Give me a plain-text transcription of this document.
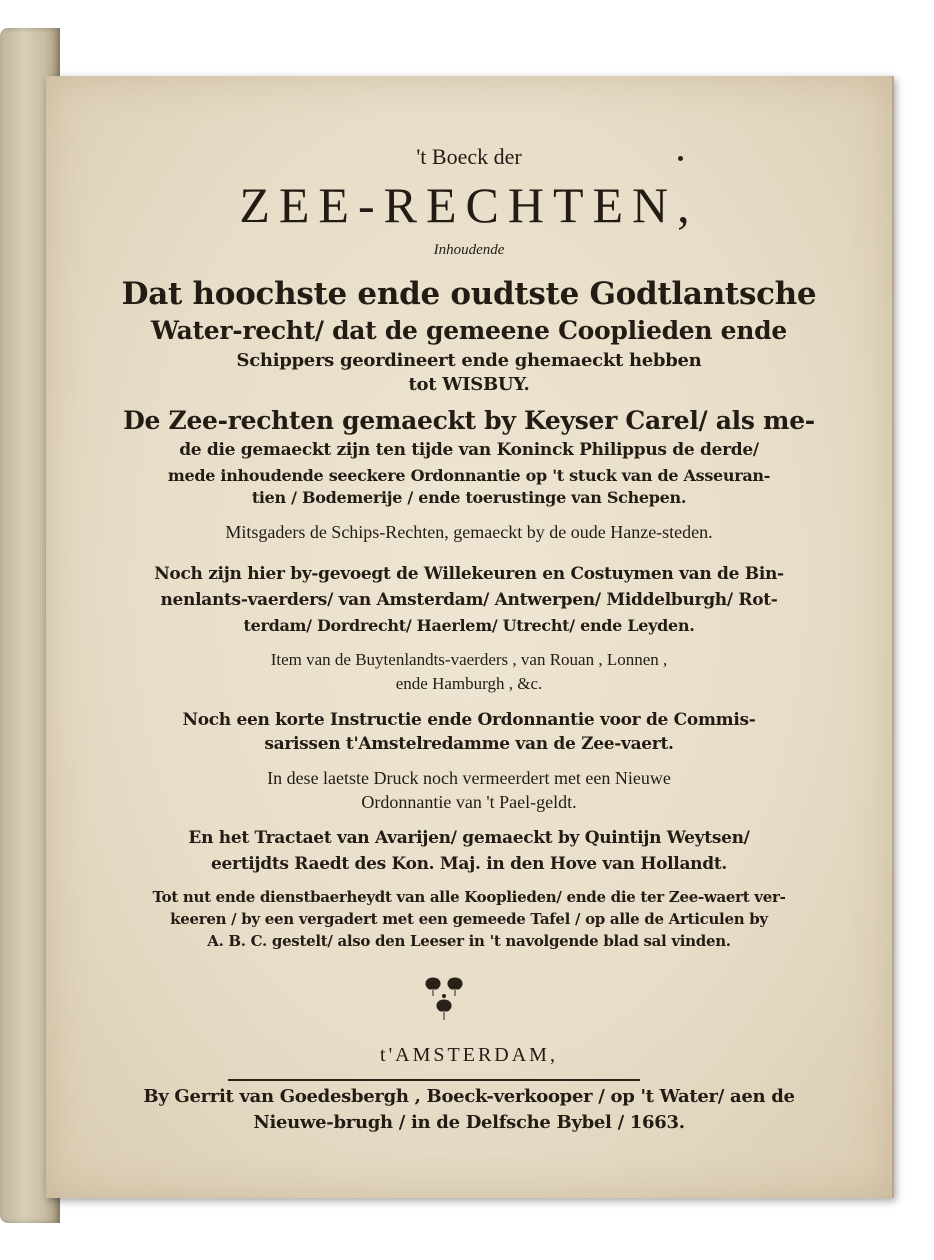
't Boeck der
ZEE-RECHTEN,
Inhoudende
Dat hoochste ende oudtste Godtlantsche
Water-recht/ dat de gemeene Cooplieden ende
Schippers geordineert ende ghemaeckt hebben
tot WISBUY.
De Zee-rechten gemaeckt by Keyser Carel/ als me-
de die gemaeckt zijn ten tijde van Koninck Philippus de derde/
mede inhoudende seeckere Ordonnantie op 't stuck van de Asseuran-
tien / Bodemerije / ende toerustinge van Schepen.
Mitsgaders de Schips-Rechten, gemaeckt by de oude Hanze-steden.
Noch zijn hier by-gevoegt de Willekeuren en Costuymen van de Bin-
nenlants-vaerders/ van Amsterdam/ Antwerpen/ Middelburgh/ Rot-
terdam/ Dordrecht/ Haerlem/ Utrecht/ ende Leyden.
Item van de Buytenlandts-vaerders , van Rouan , Lonnen ,
ende Hamburgh , &c.
Noch een korte Instructie ende Ordonnantie voor de Commis-
sarissen t'Amstelredamme van de Zee-vaert.
In dese laetste Druck noch vermeerdert met een Nieuwe
Ordonnantie van 't Pael-geldt.
En het Tractaet van Avarijen/ gemaeckt by Quintijn Weytsen/
eertijdts Raedt des Kon. Maj. in den Hove van Hollandt.
Tot nut ende dienstbaerheydt van alle Kooplieden/ ende die ter Zee-waert ver-
keeren / by een vergadert met een gemeede Tafel / op alle de Articulen by
A. B. C. gestelt/ also den Leeser in 't navolgende blad sal vinden.
t'AMSTERDAM,
By Gerrit van Goedesbergh , Boeck-verkooper / op 't Water/ aen de
Nieuwe-brugh / in de Delfsche Bybel / 1663.
